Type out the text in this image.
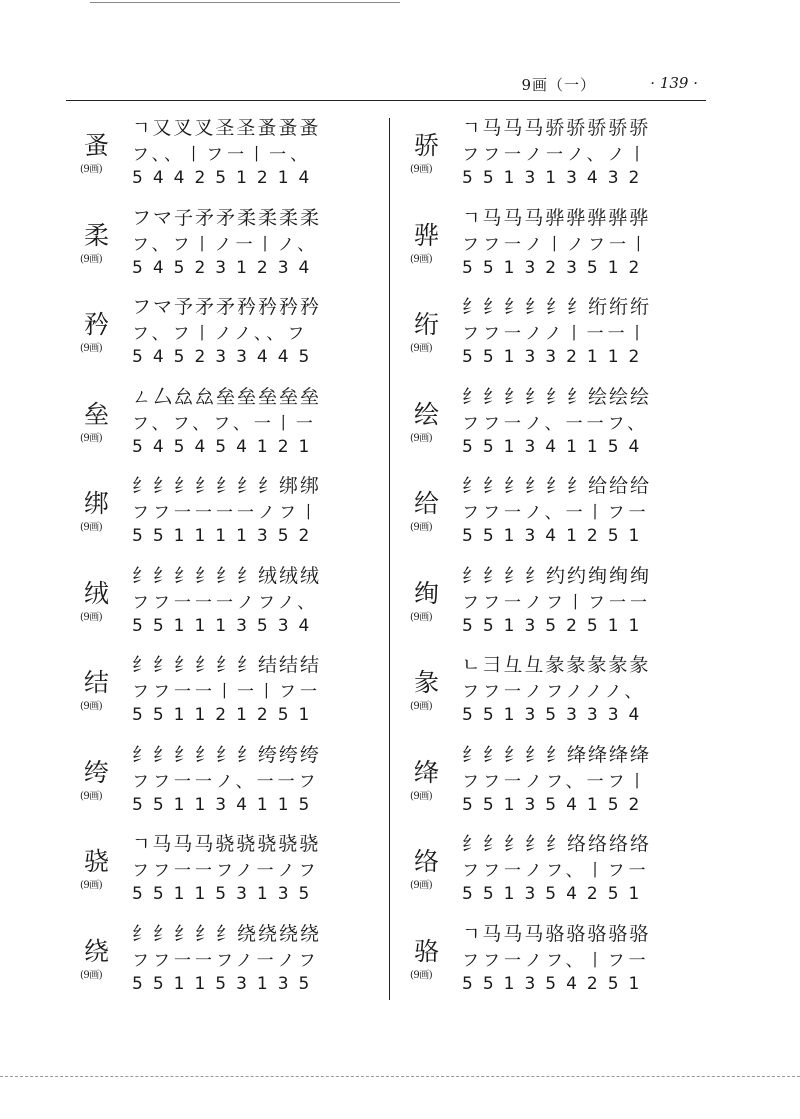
9画（一）	· 139 ·
蚤
(9画)
ㄱ又叉叉圣圣蚤蚤蚤
フ、、丨フ一丨一、
544251214
柔
(9画)
フマ子矛矛柔柔柔柔
フ、フ丨ノ一丨ノ、
545231234
矜
(9画)
フマ予矛矛矜矜矜矜
フ、フ丨ノノ、、フ
545233445
垒
(9画)
ㄥ厶厽厽垒垒垒垒垒
フ、フ、フ、一丨一
545454121
绑
(9画)
纟纟纟纟纟纟纟绑绑
フフ一一一一ノフ丨
551111352
绒
(9画)
纟纟纟纟纟纟绒绒绒
フフ一一一ノフノ、
551113534
结
(9画)
纟纟纟纟纟纟结结结
フフ一一丨一丨フ一
551121251
绔
(9画)
纟纟纟纟纟纟绔绔绔
フフ一一ノ、一一フ
551134115
骁
(9画)
ㄱ马马马骁骁骁骁骁
フフ一一フノ一ノフ
551153135
绕
(9画)
纟纟纟纟纟绕绕绕绕
フフ一一フノ一ノフ
551153135
骄
(9画)
ㄱ马马马骄骄骄骄骄
フフ一ノ一ノ、ノ丨
551313432
骅
(9画)
ㄱ马马马骅骅骅骅骅
フフ一ノ丨ノフ一丨
551323512
绗
(9画)
纟纟纟纟纟纟绗绗绗
フフ一ノノ丨一一丨
551332112
绘
(9画)
纟纟纟纟纟纟绘绘绘
フフ一ノ、一一フ、
551341154
给
(9画)
纟纟纟纟纟纟给给给
フフ一ノ、一丨フ一
551341251
绚
(9画)
纟纟纟纟约约绚绚绚
フフ一ノフ丨フ一一
551352511
彖
(9画)
ㄴ彐彑彑彖彖彖彖彖
フフ一ノフノノノ、
551353334
绛
(9画)
纟纟纟纟纟绛绛绛绛
フフ一ノフ、一フ丨
551354152
络
(9画)
纟纟纟纟纟络络络络
フフ一ノフ、丨フ一
551354251
骆
(9画)
ㄱ马马马骆骆骆骆骆
フフ一ノフ、丨フ一
551354251
